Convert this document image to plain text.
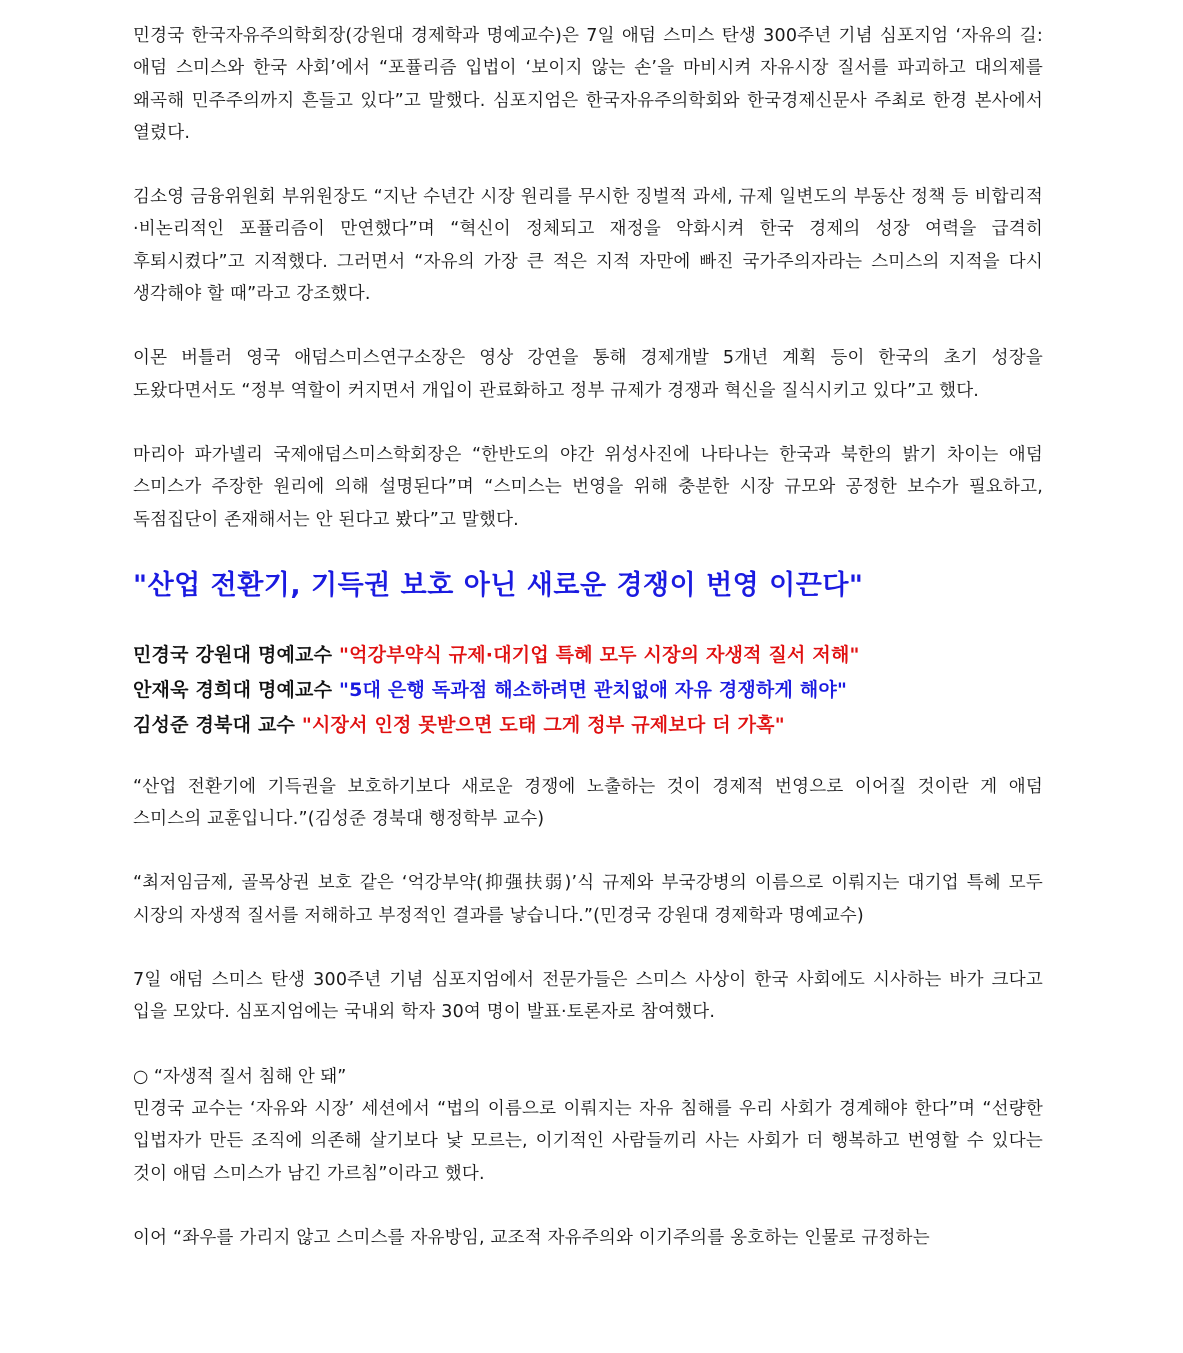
민경국 한국자유주의학회장(강원대 경제학과 명예교수)은 7일 애덤 스미스 탄생 300주년 기념 심포지엄 ‘자유의 길: 애덤 스미스와 한국 사회’에서 “포퓰리즘 입법이 ‘보이지 않는 손’을 마비시켜 자유시장 질서를 파괴하고 대의제를 왜곡해 민주주의까지 흔들고 있다”고 말했다. 심포지엄은 한국자유주의학회와 한국경제신문사 주최로 한경 본사에서 열렸다.

김소영 금융위원회 부위원장도 “지난 수년간 시장 원리를 무시한 징벌적 과세, 규제 일변도의 부동산 정책 등 비합리적·비논리적인 포퓰리즘이 만연했다”며 “혁신이 정체되고 재정을 악화시켜 한국 경제의 성장 여력을 급격히 후퇴시켰다”고 지적했다. 그러면서 “자유의 가장 큰 적은 지적 자만에 빠진 국가주의자라는 스미스의 지적을 다시 생각해야 할 때”라고 강조했다.

이몬 버틀러 영국 애덤스미스연구소장은 영상 강연을 통해 경제개발 5개년 계획 등이 한국의 초기 성장을 도왔다면서도 “정부 역할이 커지면서 개입이 관료화하고 정부 규제가 경쟁과 혁신을 질식시키고 있다”고 했다.

마리아 파가넬리 국제애덤스미스학회장은 “한반도의 야간 위성사진에 나타나는 한국과 북한의 밝기 차이는 애덤 스미스가 주장한 원리에 의해 설명된다”며 “스미스는 번영을 위해 충분한 시장 규모와 공정한 보수가 필요하고, 독점집단이 존재해서는 안 된다고 봤다”고 말했다.

"산업 전환기, 기득권 보호 아닌 새로운 경쟁이 번영 이끈다"

민경국 강원대 명예교수 "억강부약식 규제·대기업 특혜 모두 시장의 자생적 질서 저해"

안재욱 경희대 명예교수 "5대 은행 독과점 해소하려면 관치없애 자유 경쟁하게 해야"

김성준 경북대 교수 "시장서 인정 못받으면 도태 그게 정부 규제보다 더 가혹"

“산업 전환기에 기득권을 보호하기보다 새로운 경쟁에 노출하는 것이 경제적 번영으로 이어질 것이란 게 애덤 스미스의 교훈입니다.”(김성준 경북대 행정학부 교수)

“최저임금제, 골목상권 보호 같은 ‘억강부약(抑强扶弱)’식 규제와 부국강병의 이름으로 이뤄지는 대기업 특혜 모두 시장의 자생적 질서를 저해하고 부정적인 결과를 낳습니다.”(민경국 강원대 경제학과 명예교수)

7일 애덤 스미스 탄생 300주년 기념 심포지엄에서 전문가들은 스미스 사상이 한국 사회에도 시사하는 바가 크다고 입을 모았다. 심포지엄에는 국내외 학자 30여 명이 발표·토론자로 참여했다.

○ “자생적 질서 침해 안 돼”

민경국 교수는 ‘자유와 시장’ 세션에서 “법의 이름으로 이뤄지는 자유 침해를 우리 사회가 경계해야 한다”며 “선량한 입법자가 만든 조직에 의존해 살기보다 낯 모르는, 이기적인 사람들끼리 사는 사회가 더 행복하고 번영할 수 있다는 것이 애덤 스미스가 남긴 가르침”이라고 했다.

이어 “좌우를 가리지 않고 스미스를 자유방임, 교조적 자유주의와 이기주의를 옹호하는 인물로 규정하는
